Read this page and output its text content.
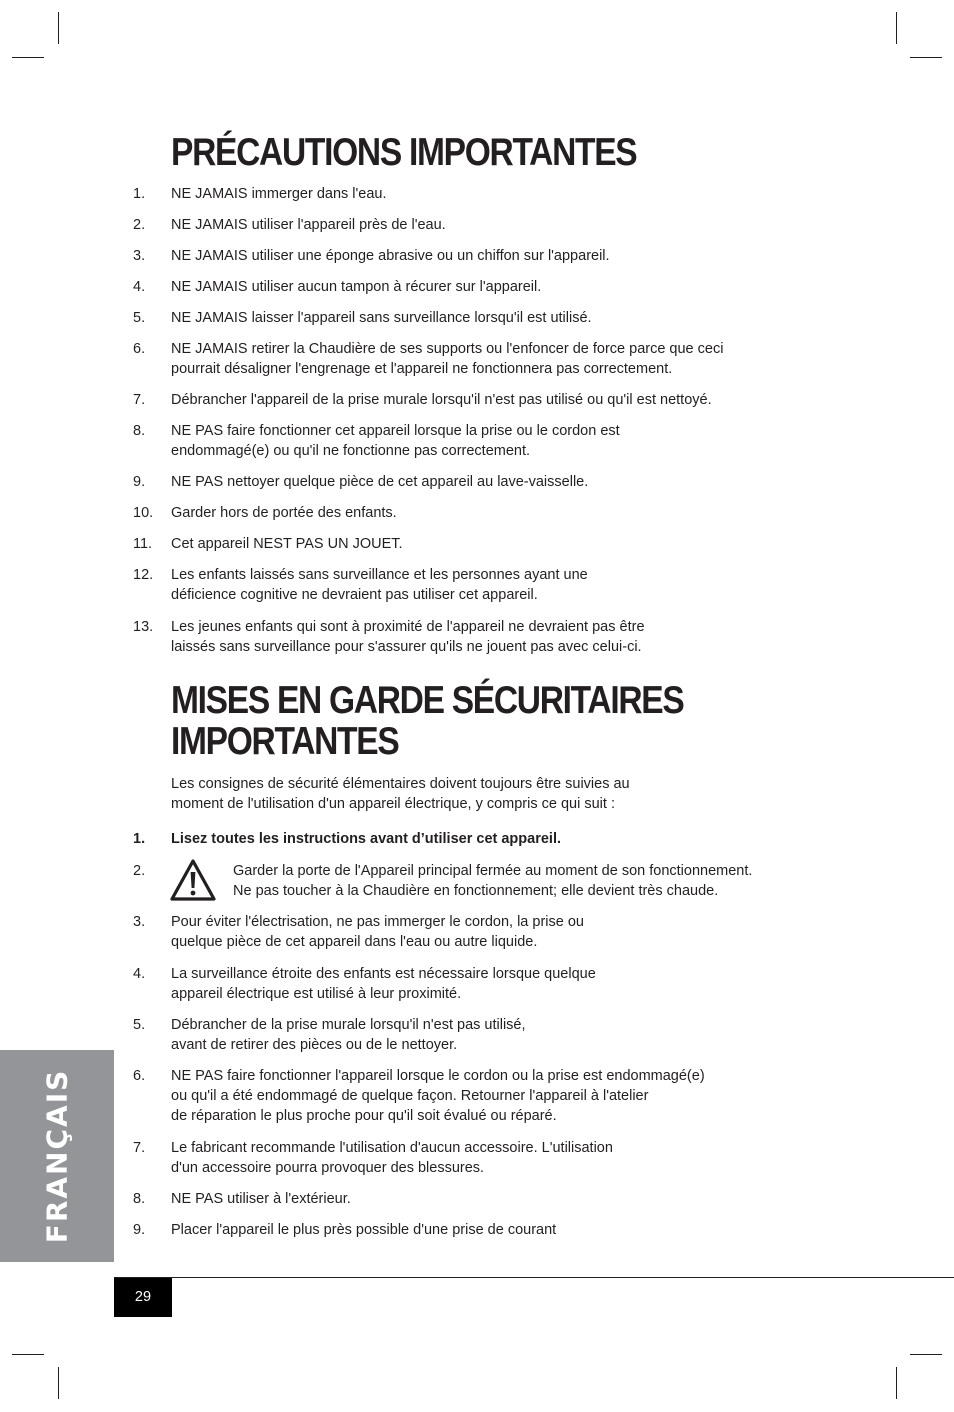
PRÉCAUTIONS IMPORTANTES
1. NE JAMAIS immerger dans l'eau.
2. NE JAMAIS utiliser l'appareil près de l'eau.
3. NE JAMAIS utiliser une éponge abrasive ou un chiffon sur l'appareil.
4. NE JAMAIS utiliser aucun tampon à récurer sur l'appareil.
5. NE JAMAIS laisser l'appareil sans surveillance lorsqu'il est utilisé.
6. NE JAMAIS retirer la Chaudière de ses supports ou l'enfoncer de force parce que ceci
pourrait désaligner l'engrenage et l'appareil ne fonctionnera pas correctement.
7. Débrancher l'appareil de la prise murale lorsqu'il n'est pas utilisé ou qu'il est nettoyé.
8. NE PAS faire fonctionner cet appareil lorsque la prise ou le cordon est
endommagé(e) ou qu'il ne fonctionne pas correctement.
9. NE PAS nettoyer quelque pièce de cet appareil au lave-vaisselle.
10. Garder hors de portée des enfants.
11. Cet appareil NEST PAS UN JOUET.
12. Les enfants laissés sans surveillance et les personnes ayant une
déficience cognitive ne devraient pas utiliser cet appareil.
13. Les jeunes enfants qui sont à proximité de l'appareil ne devraient pas être
laissés sans surveillance pour s'assurer qu'ils ne jouent pas avec celui-ci.
MISES EN GARDE SÉCURITAIRES
IMPORTANTES
Les consignes de sécurité élémentaires doivent toujours être suivies au
moment de l'utilisation d'un appareil électrique, y compris ce qui suit :
1. Lisez toutes les instructions avant d’utiliser cet appareil.
2.	Garder la porte de l'Appareil principal fermée au moment de son fonctionnement.
Ne pas toucher à la Chaudière en fonctionnement; elle devient très chaude.
3. Pour éviter l'électrisation, ne pas immerger le cordon, la prise ou
quelque pièce de cet appareil dans l'eau ou autre liquide.
4. La surveillance étroite des enfants est nécessaire lorsque quelque
appareil électrique est utilisé à leur proximité.
5. Débrancher de la prise murale lorsqu'il n'est pas utilisé,
avant de retirer des pièces ou de le nettoyer.
6. NE PAS faire fonctionner l'appareil lorsque le cordon ou la prise est endommagé(e)
ou qu'il a été endommagé de quelque façon. Retourner l'appareil à l'atelier
de réparation le plus proche pour qu'il soit évalué ou réparé.
7. Le fabricant recommande l'utilisation d'aucun accessoire. L'utilisation
d'un accessoire pourra provoquer des blessures.
8. NE PAS utiliser à l'extérieur.
9. Placer l'appareil le plus près possible d'une prise de courant
FRANÇAIS
29
